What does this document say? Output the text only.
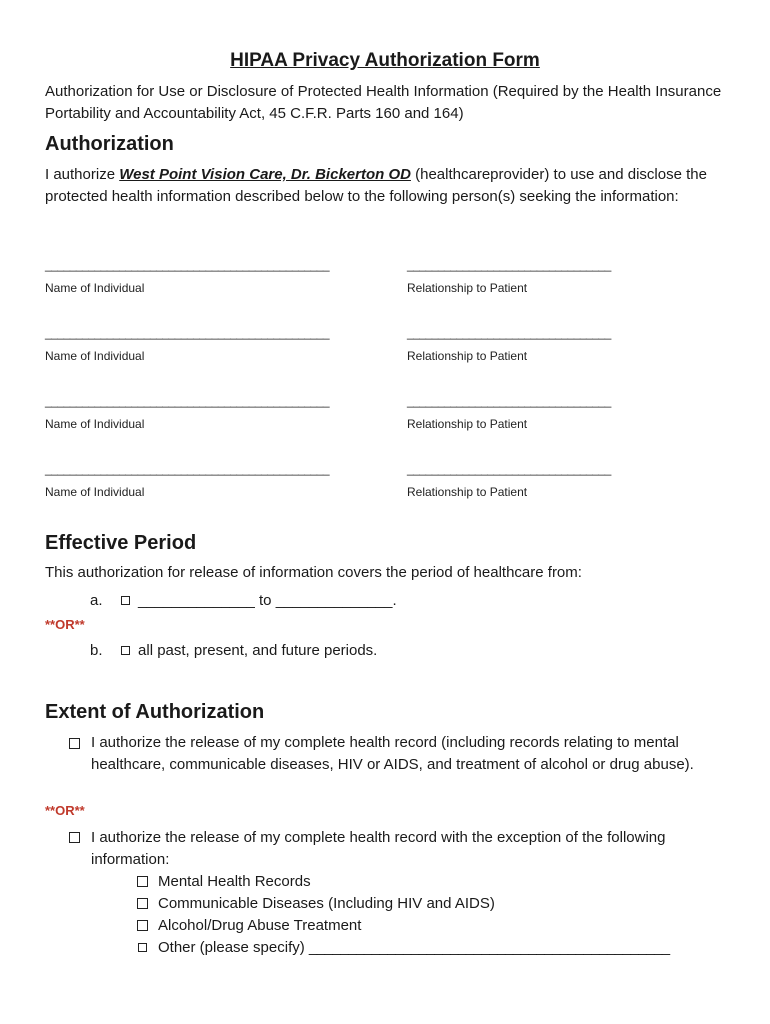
HIPAA Privacy Authorization Form
Authorization for Use or Disclosure of Protected Health Information (Required by the Health Insurance Portability and Accountability Act, 45 C.F.R. Parts 160 and 164)
Authorization
I authorize West Point Vision Care, Dr. Bickerton OD (healthcareprovider) to use and disclose the protected health information described below to the following person(s) seeking the information:
______________________________________________	_________________________________
Name of Individual	Relationship to Patient
______________________________________________	_________________________________
Name of Individual	Relationship to Patient
______________________________________________	_________________________________
Name of Individual	Relationship to Patient
______________________________________________	_________________________________
Name of Individual	Relationship to Patient
Effective Period
This authorization for release of information covers the period of healthcare from:
a. ______________ to ______________.
**OR**
b. all past, present, and future periods.
Extent of Authorization
I authorize the release of my complete health record (including records relating to mental healthcare, communicable diseases, HIV or AIDS, and treatment of alcohol or drug abuse).
**OR**
I authorize the release of my complete health record with the exception of the following information:
Mental Health Records
Communicable Diseases (Including HIV and AIDS)
Alcohol/Drug Abuse Treatment
Other (please specify) ______________________________________________
